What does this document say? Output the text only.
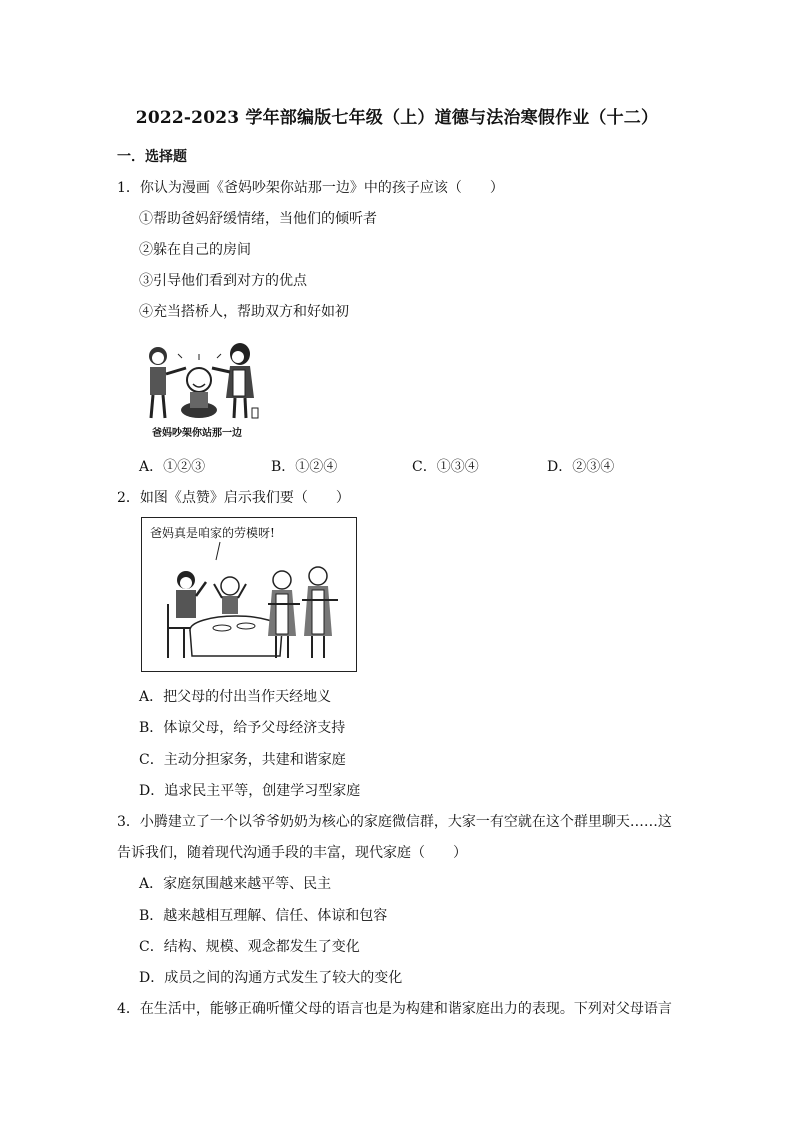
2022-2023 学年部编版七年级（上）道德与法治寒假作业（十二）
一．选择题
1．你认为漫画《爸妈吵架你站那一边》中的孩子应该（　　）
①帮助爸妈舒缓情绪，当他们的倾听者
②躲在自己的房间
③引导他们看到对方的优点
④充当搭桥人，帮助双方和好如初
爸妈吵架你站那一边
A．①②③	B．①②④	C．①③④	D．②③④
2．如图《点赞》启示我们要（　　）
爸妈真是咱家的劳模呀!
A．把父母的付出当作天经地义
B．体谅父母，给予父母经济支持
C．主动分担家务，共建和谐家庭
D．追求民主平等，创建学习型家庭
3．小腾建立了一个以爷爷奶奶为核心的家庭微信群，大家一有空就在这个群里聊天……这
告诉我们，随着现代沟通手段的丰富，现代家庭（　　）
A．家庭氛围越来越平等、民主
B．越来越相互理解、信任、体谅和包容
C．结构、规模、观念都发生了变化
D．成员之间的沟通方式发生了较大的变化
4．在生活中，能够正确听懂父母的语言也是为构建和谐家庭出力的表现。下列对父母语言
